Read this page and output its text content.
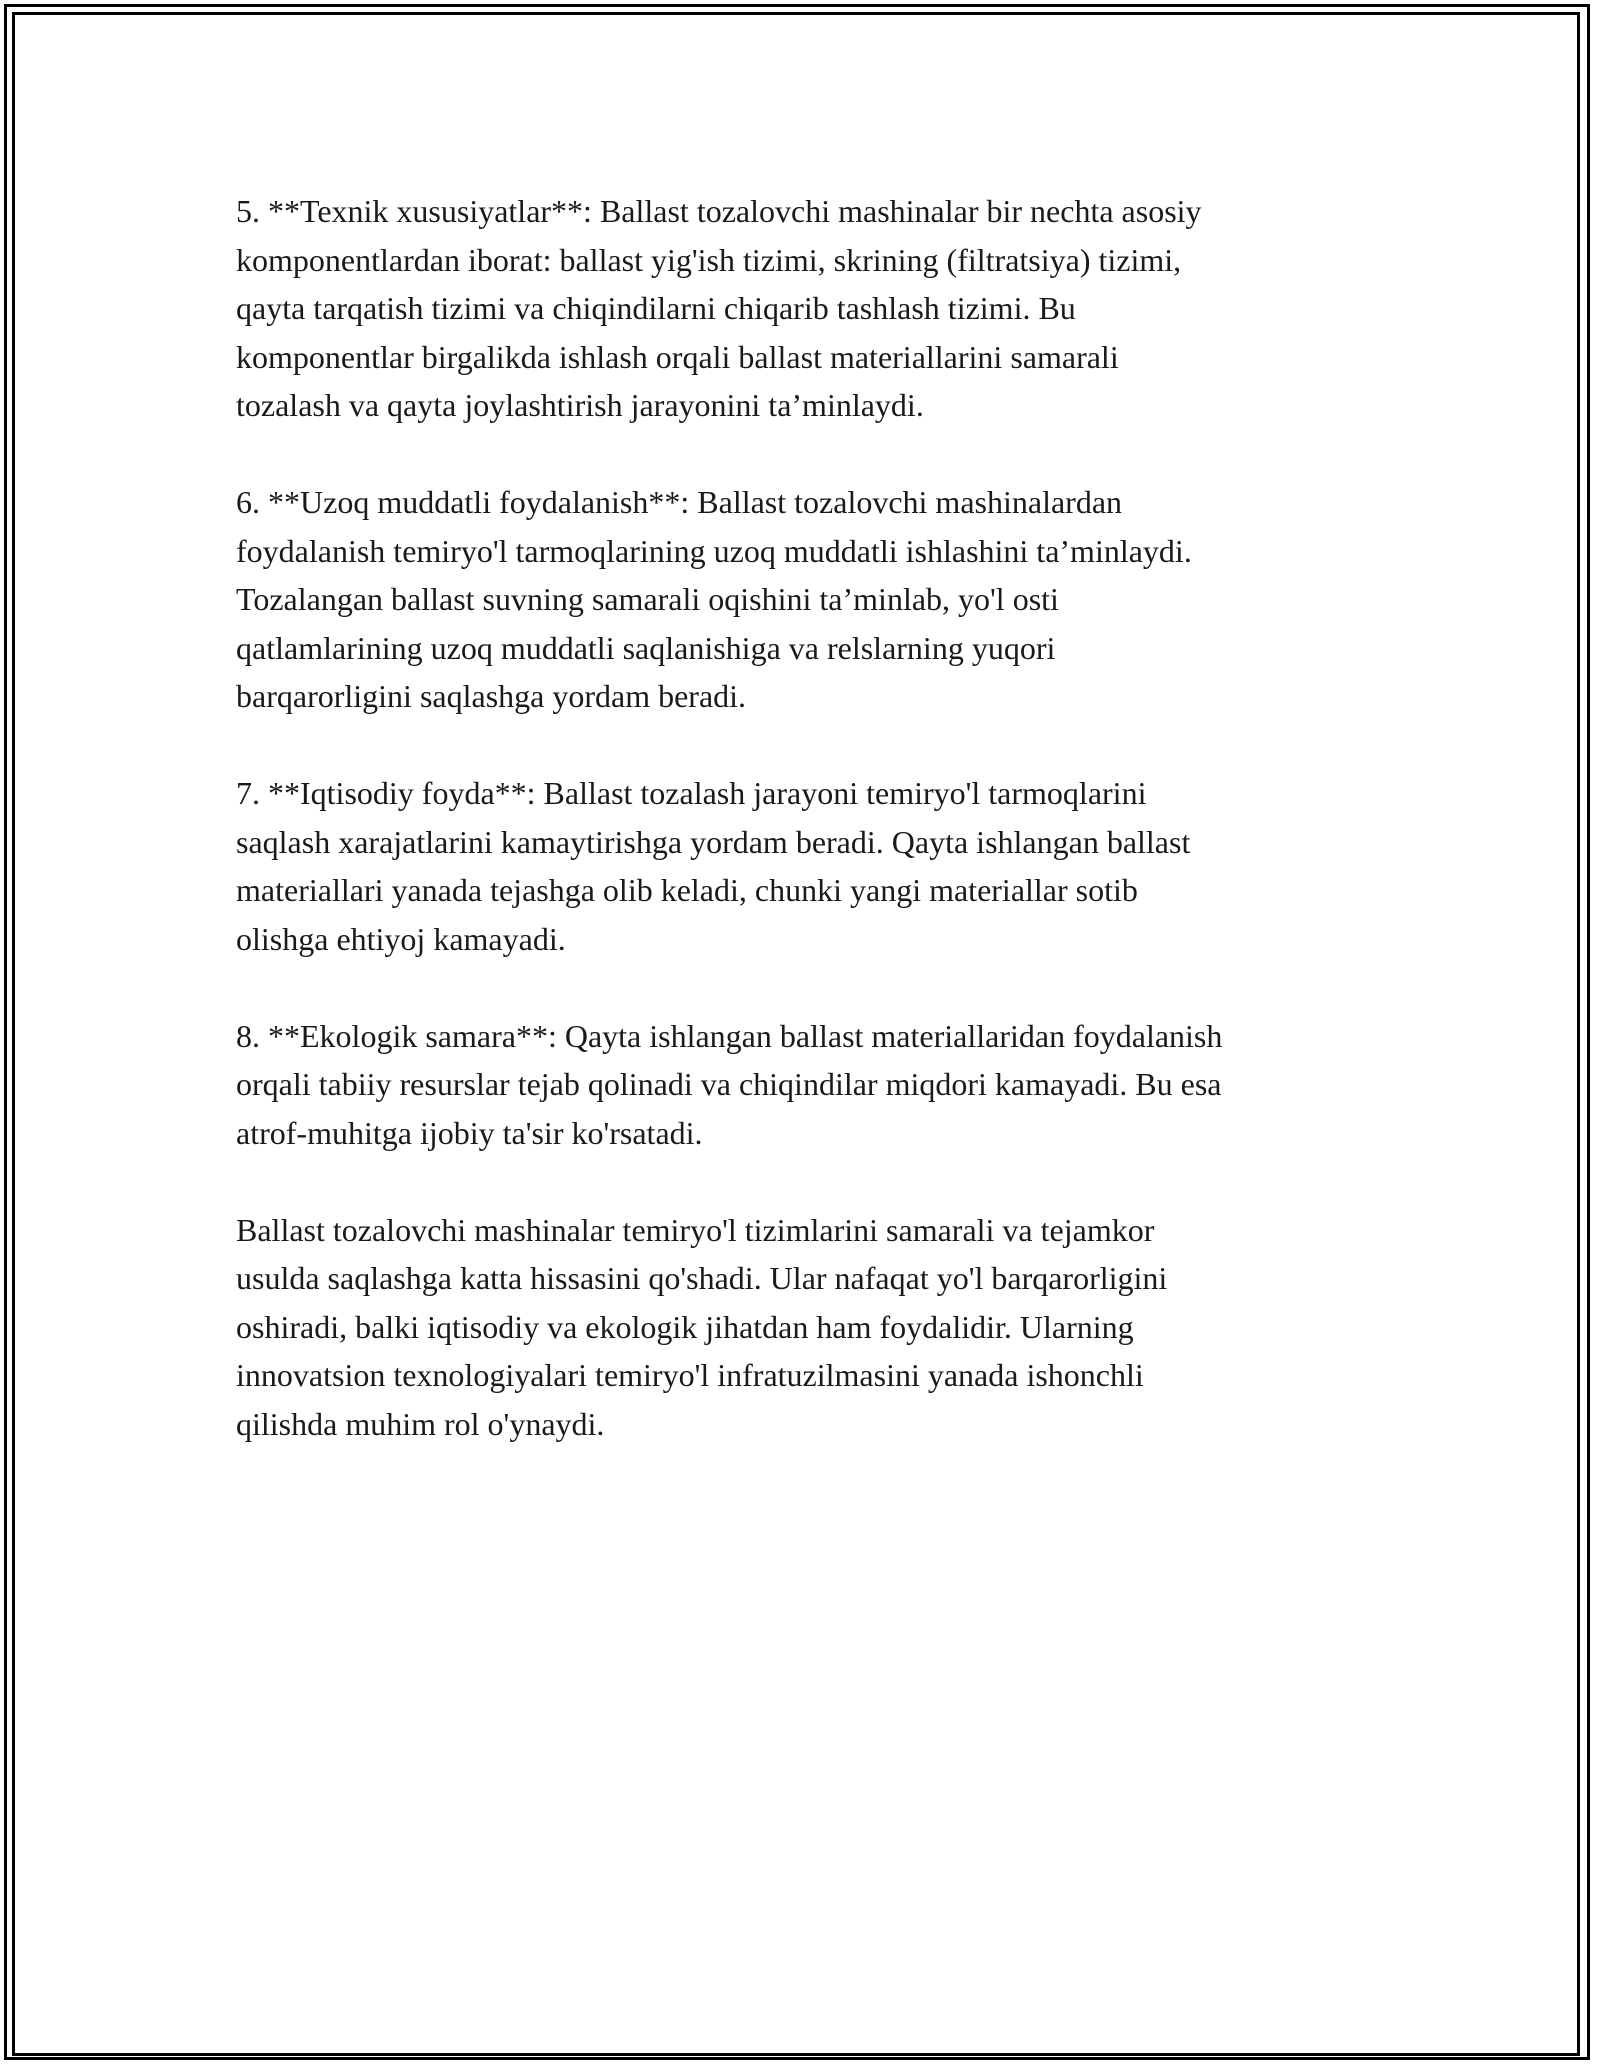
5. **Texnik xususiyatlar**: Ballast tozalovchi mashinalar bir nechta asosiy
komponentlardan iborat: ballast yig'ish tizimi, skrining (filtratsiya) tizimi,
qayta tarqatish tizimi va chiqindilarni chiqarib tashlash tizimi. Bu
komponentlar birgalikda ishlash orqali ballast materiallarini samarali
tozalash va qayta joylashtirish jarayonini ta’minlaydi.

6. **Uzoq muddatli foydalanish**: Ballast tozalovchi mashinalardan
foydalanish temiryo'l tarmoqlarining uzoq muddatli ishlashini ta’minlaydi.
Tozalangan ballast suvning samarali oqishini ta’minlab, yo'l osti
qatlamlarining uzoq muddatli saqlanishiga va relslarning yuqori
barqarorligini saqlashga yordam beradi.

7. **Iqtisodiy foyda**: Ballast tozalash jarayoni temiryo'l tarmoqlarini
saqlash xarajatlarini kamaytirishga yordam beradi. Qayta ishlangan ballast
materiallari yanada tejashga olib keladi, chunki yangi materiallar sotib
olishga ehtiyoj kamayadi.

8. **Ekologik samara**: Qayta ishlangan ballast materiallaridan foydalanish
orqali tabiiy resurslar tejab qolinadi va chiqindilar miqdori kamayadi. Bu esa
atrof-muhitga ijobiy ta'sir ko'rsatadi.

Ballast tozalovchi mashinalar temiryo'l tizimlarini samarali va tejamkor
usulda saqlashga katta hissasini qo'shadi. Ular nafaqat yo'l barqarorligini
oshiradi, balki iqtisodiy va ekologik jihatdan ham foydalidir. Ularning
innovatsion texnologiyalari temiryo'l infratuzilmasini yanada ishonchli
qilishda muhim rol o'ynaydi.
